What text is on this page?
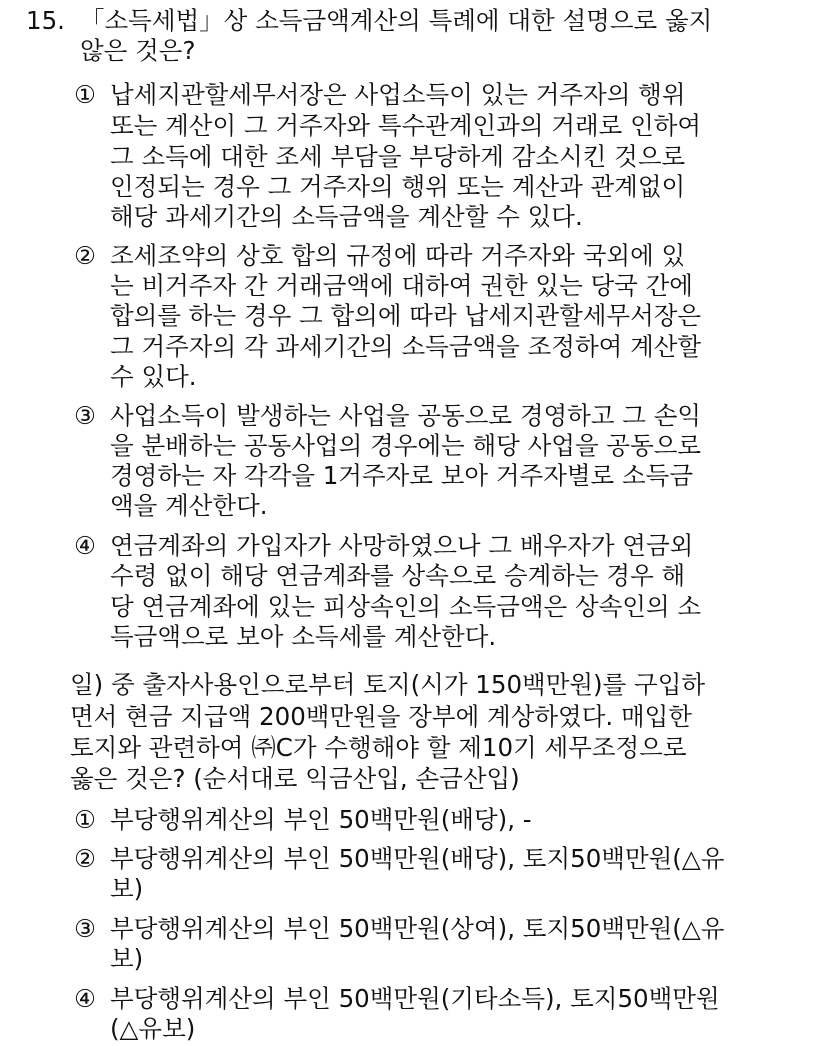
15. 「소득세법」상 소득금액계산의 특례에 대한 설명으로 옳지
않은 것은?
① 납세지관할세무서장은 사업소득이 있는 거주자의 행위
또는 계산이 그 거주자와 특수관계인과의 거래로 인하여
그 소득에 대한 조세 부담을 부당하게 감소시킨 것으로
인정되는 경우 그 거주자의 행위 또는 계산과 관계없이
해당 과세기간의 소득금액을 계산할 수 있다.
② 조세조약의 상호 합의 규정에 따라 거주자와 국외에 있
는 비거주자 간 거래금액에 대하여 권한 있는 당국 간에
합의를 하는 경우 그 합의에 따라 납세지관할세무서장은
그 거주자의 각 과세기간의 소득금액을 조정하여 계산할
수 있다.
③ 사업소득이 발생하는 사업을 공동으로 경영하고 그 손익
을 분배하는 공동사업의 경우에는 해당 사업을 공동으로
경영하는 자 각각을 1거주자로 보아 거주자별로 소득금
액을 계산한다.
④ 연금계좌의 가입자가 사망하였으나 그 배우자가 연금외
수령 없이 해당 연금계좌를 상속으로 승계하는 경우 해
당 연금계좌에 있는 피상속인의 소득금액은 상속인의 소
득금액으로 보아 소득세를 계산한다.
일) 중 출자사용인으로부터 토지(시가 150백만원)를 구입하
면서 현금 지급액 200백만원을 장부에 계상하였다. 매입한
토지와 관련하여 ㈜C가 수행해야 할 제10기 세무조정으로
옳은 것은? (순서대로 익금산입, 손금산입)
① 부당행위계산의 부인 50백만원(배당), -
② 부당행위계산의 부인 50백만원(배당), 토지50백만원(△유
보)
③ 부당행위계산의 부인 50백만원(상여), 토지50백만원(△유
보)
④ 부당행위계산의 부인 50백만원(기타소득), 토지50백만원
(△유보)
